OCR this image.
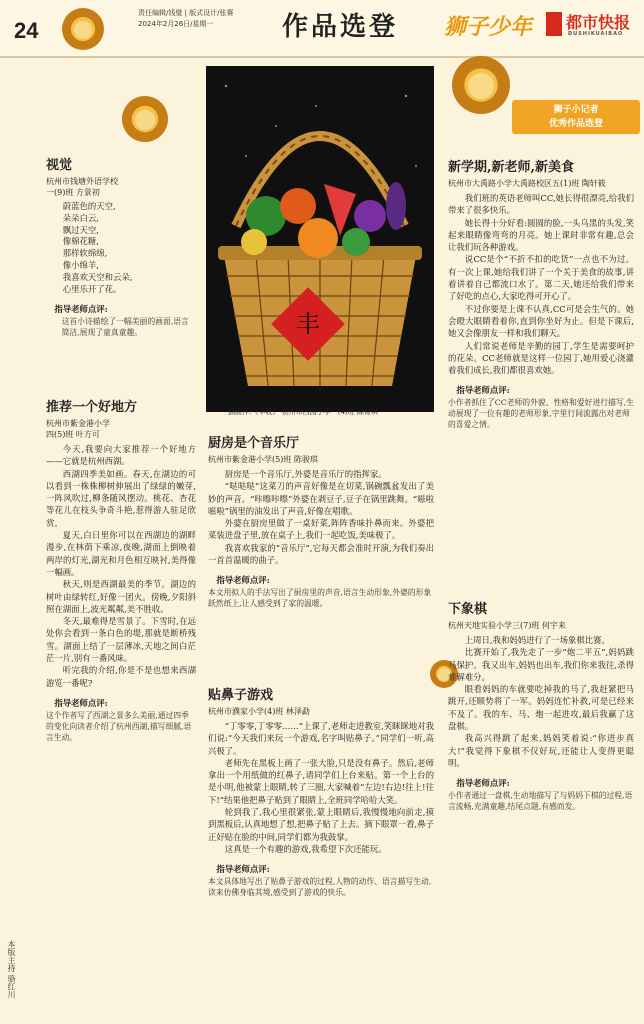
24
责任编辑/钱璧 | 版式设计/张赛
2024年2月26日/星期一	作品选登 狮子少年 都市快报
DUSHIKUAIBAO
狮子小记者
优秀作品选登
本版主持 骆红川
丰
插画作:《丰收》 杭州市西园小学一(4)班 陈诗琪
视觉
杭州市钱塘外语学校
一(9)班 方景初
蔚蓝色的天空,
朵朵白云,
飘过天空,
像棉花糖,
那样软绵绵,
像小绵羊,
我喜欢天空和云朵,
心里乐开了花。
指导老师点评:
这首小诗描绘了一幅美丽的画面,语言简洁,展现了童真童趣。
推荐一个好地方
杭州市紫金港小学
四(5)班 叶方可

今天,我要向大家推荐一个好地方——它就是杭州西湖。

西湖四季美如画。春天,在湖边的可以看到一株株柳树伸展出了绿绿的嫩芽,一阵风吹过,柳条随风摆动。桃花、杏花等花儿在枝头争奇斗艳,惹得游人驻足欣赏。

夏天,白日里你可以在西湖边的湖畔漫步,在林荫下乘凉,夜晚,湖面上倒映着两岸的灯光,湖光和月色相互映衬,美得像一幅画。

秋天,则是西湖最美的季节。湖边的树叶由绿转红,好像一团火。傍晚,夕阳斜照在湖面上,波光粼粼,美不胜收。

冬天,最难得是雪景了。下雪时,在远处你会看到一条白色的堤,那就是断桥残雪。湖面上结了一层薄冰,天地之间白茫茫一片,别有一番风味。

听完我的介绍,你是不是也想来西湖游览一番呢?

指导老师点评:
这个作者写了西湖之景多么美丽,通过四季的变化向读者介绍了杭州西湖,描写细腻,语言生动。
厨房是个音乐厅
杭州市紫金港小学(5)班 陈骏琪

厨房是一个音乐厅,外婆是音乐厅的指挥家。

“哒哒哒”这菜刀的声音好像是在切菜,锅碗瓢盆发出了美妙的声音。“咔嚓咔嚓”外婆在剥豆子,豆子在锅里跳舞。“嗞啦嗞啦”锅里的油发出了声音,好像在唱歌。

外婆在厨房里做了一桌好菜,阵阵香味扑鼻而来。外婆把菜装进盘子里,放在桌子上,我们一起吃饭,美味极了。

我喜欢我家的“音乐厅”,它每天都会准时开演,为我们奏出一首首温暖的曲子。

指导老师点评:
本文用拟人的手法写出了厨房里的声音,语言生动形象,外婆的形象跃然纸上,让人感受到了家的温暖。
贴鼻子游戏
杭州市濮家小学(4)班 林泽勐

“丁零零,丁零零……”上课了,老师走进教室,笑眯眯地对我们说:“今天我们来玩一个游戏,名字叫贴鼻子。”同学们一听,高兴极了。

老师先在黑板上画了一张大脸,只是没有鼻子。然后,老师拿出一个用纸做的红鼻子,请同学们上台来贴。第一个上台的是小明,他被蒙上眼睛,转了三圈,大家喊着“左边!右边!往上!往下!”结果他把鼻子贴到了眼睛上,全班同学哈哈大笑。

轮到我了,我心里很紧张,蒙上眼睛后,我慢慢地向前走,摸到黑板后,认真地想了想,把鼻子贴了上去。摘下眼罩一看,鼻子正好贴在脸的中间,同学们都为我鼓掌。

这真是一个有趣的游戏,我希望下次还能玩。

指导老师点评:
本文具体地写出了贴鼻子游戏的过程,人物的动作、语言描写生动,读来仿佛身临其境,感受到了游戏的快乐。
新学期,新老师,新美食
杭州市大禹路小学大禹路校区五(1)班 陶轩筱

我们班的英语老师叫CC,她长得很漂亮,给我们带来了很多快乐。

她长得十分好看:圆圆的脸,一头乌黑的头发,笑起来眼睛像弯弯的月亮。她上课时非常有趣,总会让我们玩各种游戏。

说CC是个“不折不扣的吃货”一点也不为过。有一次上课,她给我们讲了一个关于美食的故事,讲着讲着自己都流口水了。第二天,她还给我们带来了好吃的点心,大家吃得可开心了。

不过你要是上课不认真,CC可是会生气的。她会瞪大眼睛看着你,直到你坐好为止。但是下课后,她又会像朋友一样和我们聊天。

人们常说老师是辛勤的园丁,学生是需要呵护的花朵。CC老师就是这样一位园丁,她用爱心浇灌着我们成长,我们都很喜欢她。

指导老师点评:
小作者抓住了CC老师的外貌、性格和爱好进行描写,生动展现了一位有趣的老师形象,字里行间流露出对老师的喜爱之情。
下象棋
杭州天地实验小学三(7)班 何宇来

上周日,我和妈妈进行了一场象棋比赛。

比赛开始了,我先走了一步“炮二平五”,妈妈跳马保护。我又出车,妈妈也出车,我们你来我往,杀得难解难分。

眼看妈妈的车就要吃掉我的马了,我赶紧把马跳开,还顺势将了一军。妈妈连忙补救,可是已经来不及了。我的车、马、炮一起进攻,最后我赢了这盘棋。

我高兴得跳了起来,妈妈笑着说:“你进步真大!”我觉得下象棋不仅好玩,还能让人变得更聪明。

指导老师点评:
小作者通过一盘棋,生动地描写了与妈妈下棋的过程,语言流畅,充满童趣,结尾点题,有感而发。
